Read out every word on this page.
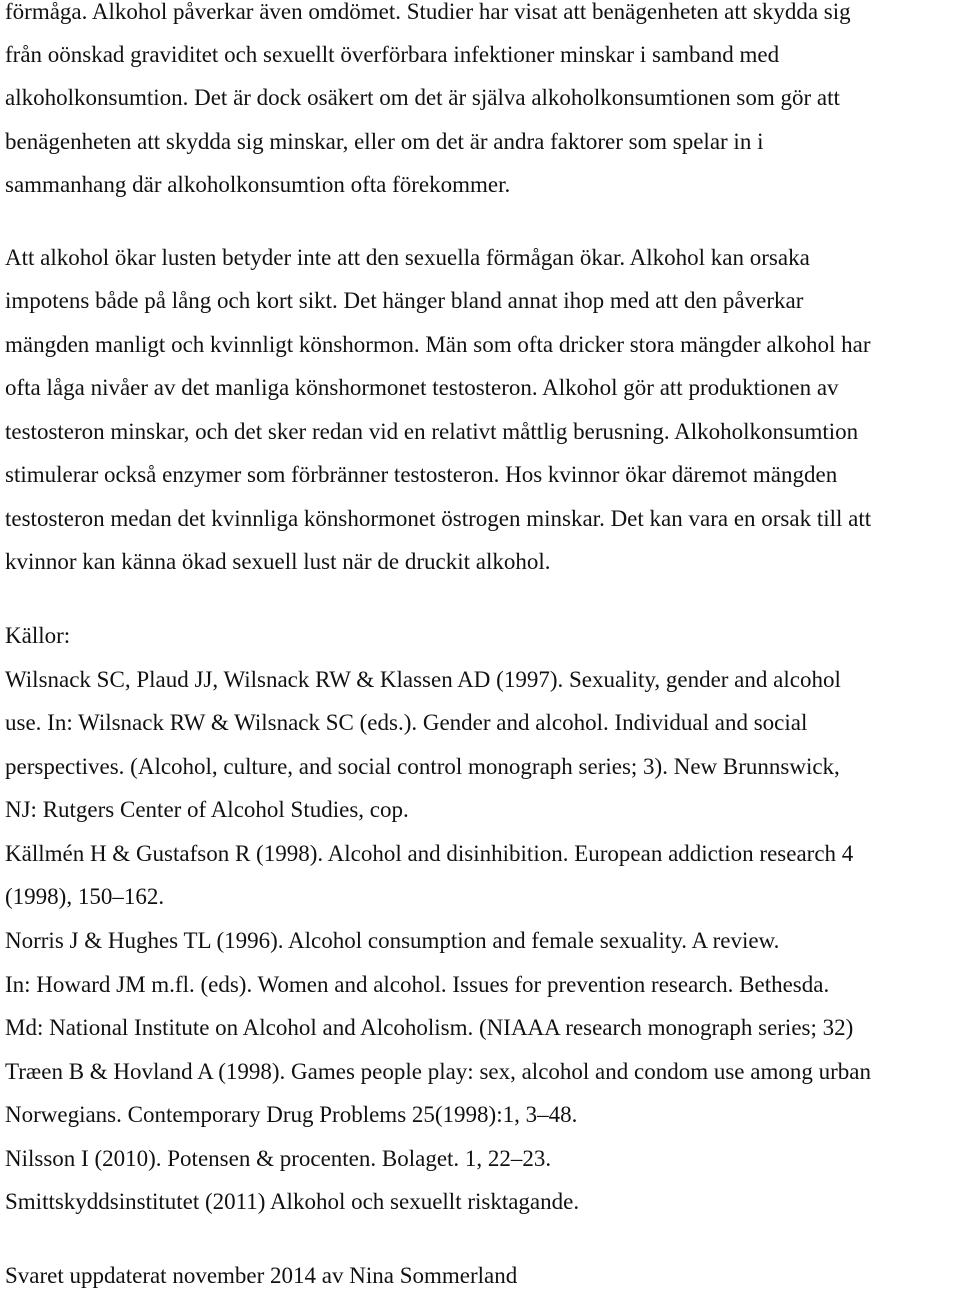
förmåga. Alkohol påverkar även omdömet. Studier har visat att benägenheten att skydda sig

från oönskad graviditet och sexuellt överförbara infektioner minskar i samband med

alkoholkonsumtion. Det är dock osäkert om det är själva alkoholkonsumtionen som gör att

benägenheten att skydda sig minskar, eller om det är andra faktorer som spelar in i

sammanhang där alkoholkonsumtion ofta förekommer.

Att alkohol ökar lusten betyder inte att den sexuella förmågan ökar. Alkohol kan orsaka

impotens både på lång och kort sikt. Det hänger bland annat ihop med att den påverkar

mängden manligt och kvinnligt könshormon. Män som ofta dricker stora mängder alkohol har

ofta låga nivåer av det manliga könshormonet testosteron. Alkohol gör att produktionen av

testosteron minskar, och det sker redan vid en relativt måttlig berusning. Alkoholkonsumtion

stimulerar också enzymer som förbränner testosteron. Hos kvinnor ökar däremot mängden

testosteron medan det kvinnliga könshormonet östrogen minskar. Det kan vara en orsak till att

kvinnor kan känna ökad sexuell lust när de druckit alkohol.

Källor:

Wilsnack SC, Plaud JJ, Wilsnack RW & Klassen AD (1997). Sexuality, gender and alcohol

use. In: Wilsnack RW & Wilsnack SC (eds.). Gender and alcohol. Individual and social

perspectives. (Alcohol, culture, and social control monograph series; 3). New Brunnswick,

NJ: Rutgers Center of Alcohol Studies, cop.

Källmén H & Gustafson R (1998). Alcohol and disinhibition. European addiction research 4

(1998), 150–162.

Norris J & Hughes TL (1996). Alcohol consumption and female sexuality. A review.

In: Howard JM m.fl. (eds). Women and alcohol. Issues for prevention research. Bethesda.

Md: National Institute on Alcohol and Alcoholism. (NIAAA research monograph series; 32)

Træen B & Hovland A (1998). Games people play: sex, alcohol and condom use among urban

Norwegians. Contemporary Drug Problems 25(1998):1, 3–48.

Nilsson I (2010). Potensen & procenten. Bolaget. 1, 22–23.

Smittskyddsinstitutet (2011) Alkohol och sexuellt risktagande.

Svaret uppdaterat november 2014 av Nina Sommerland
